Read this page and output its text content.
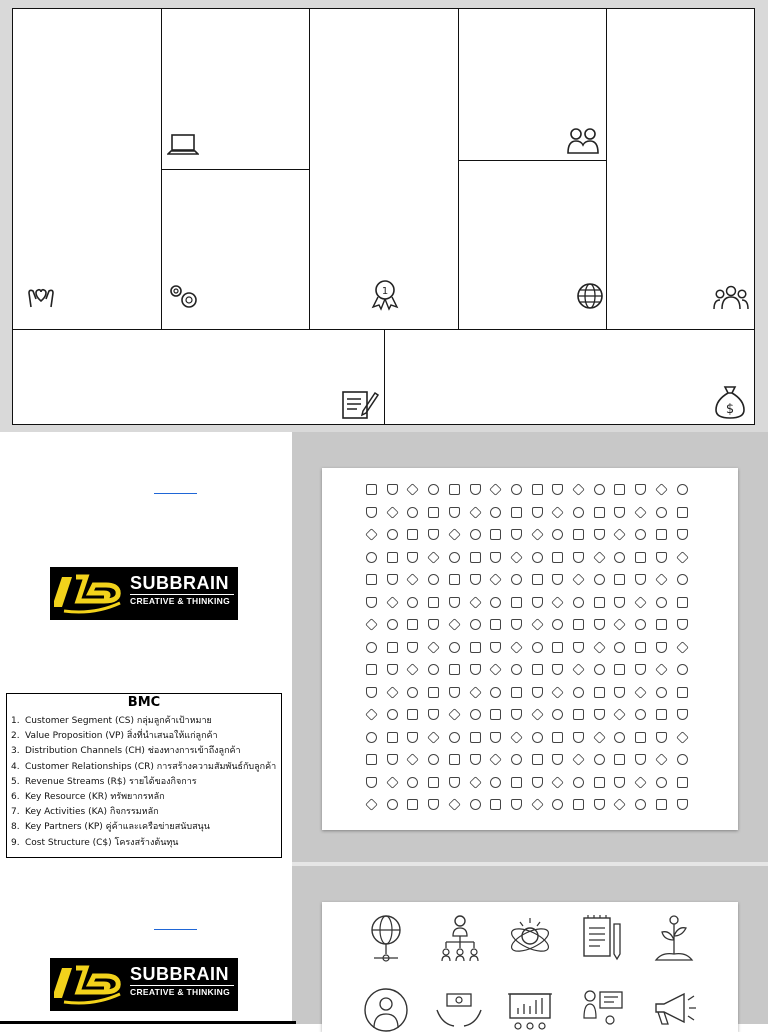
1
$
SUBBRAIN
CREATIVE & THINKING
BMC
1. Customer Segment (CS) กลุ่มลูกค้าเป้าหมาย
2. Value Proposition (VP) สิ่งที่นำเสนอให้แก่ลูกค้า
3. Distribution Channels (CH) ช่องทางการเข้าถึงลูกค้า
4. Customer Relationships (CR) การสร้างความสัมพันธ์กับลูกค้า
5. Revenue Streams (R$) รายได้ของกิจการ
6. Key Resource (KR) ทรัพยากรหลัก
7. Key Activities (KA) กิจกรรมหลัก
8. Key Partners (KP) คู่ค้าและเครือข่ายสนับสนุน
9. Cost Structure (C$) โครงสร้างต้นทุน
SUBBRAIN
CREATIVE & THINKING
